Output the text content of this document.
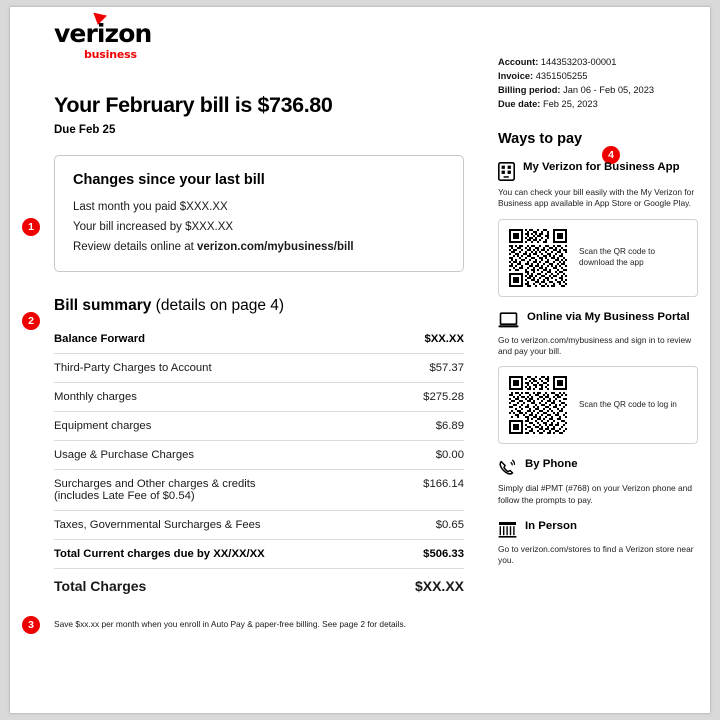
verizon
business
1
2
3
4
Your February bill is $736.80
Due Feb 25
Changes since your last bill
Last month you paid $XXX.XX
Your bill increased by $XXX.XX
Review details online at verizon.com/mybusiness/bill
Bill summary (details on page 4)
Balance Forward	$XX.XX
Third-Party Charges to Account	$57.37
Monthly charges	$275.28
Equipment charges	$6.89
Usage & Purchase Charges	$0.00
Surcharges and Other charges & credits
(includes Late Fee of $0.54)	$166.14
Taxes, Governmental Surcharges & Fees	$0.65
Total Current charges due by XX/XX/XX	$506.33
Total Charges	$XX.XX
Save $xx.xx per month when you enroll in Auto Pay & paper-free billing. See page 2 for details.
Account: 144353203-00001
Invoice: 4351505255
Billing period: Jan 06 - Feb 05, 2023
Due date: Feb 25, 2023
Ways to pay
My Verizon for Business App
You can check your bill easily with the My Verizon for Business app available in App Store or Google Play.
Scan the QR code to download the app
Online via My Business Portal
Go to verizon.com/mybusiness and sign in to review and pay your bill.
Scan the QR code to log in
By Phone
Simply dial #PMT (#768) on your Verizon phone and follow the prompts to pay.
In Person
Go to verizon.com/stores to find a Verizon store near you.
